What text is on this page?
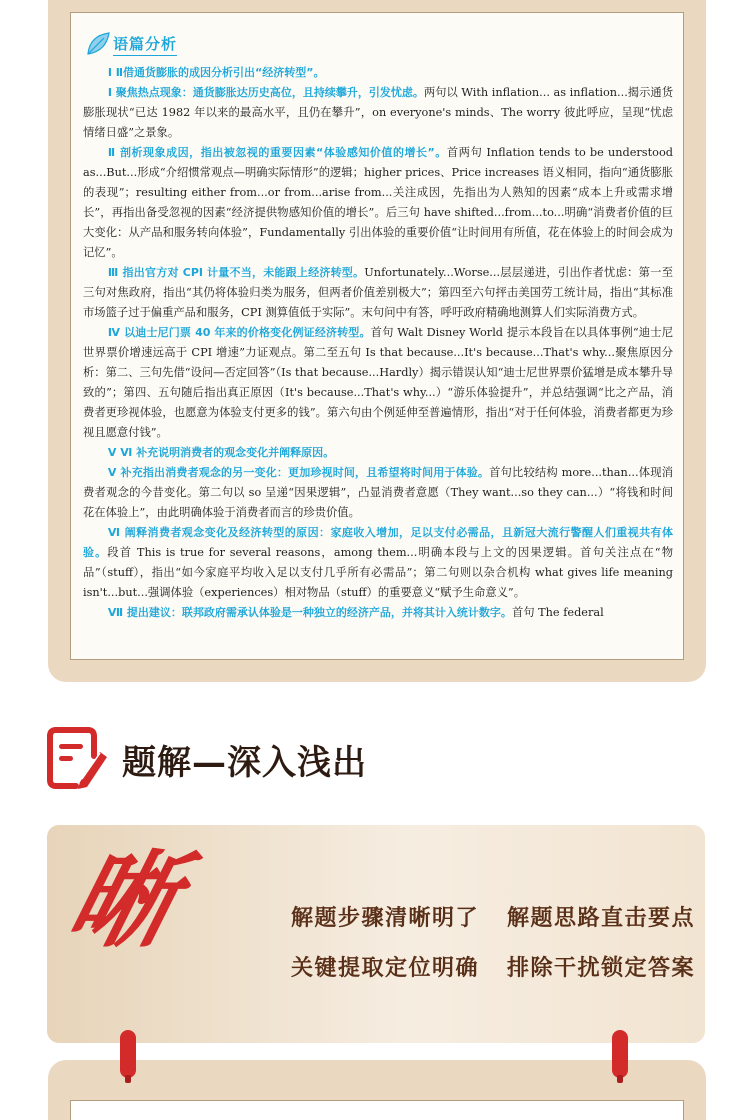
语篇分析
Ⅰ Ⅱ借通货膨胀的成因分析引出“经济转型”。
Ⅰ 聚焦热点现象：通货膨胀达历史高位，且持续攀升，引发忧虑。两句以 With inflation... as inflation...揭示通货膨胀现状“已达 1982 年以来的最高水平，且仍在攀升”，on everyone's minds、The worry 彼此呼应，呈现“忧虑情绪日盛”之景象。
Ⅱ 剖析现象成因，指出被忽视的重要因素“体验感知价值的增长”。首两句 Inflation tends to be understood as...But...形成“介绍惯常观点—明确实际情形”的逻辑；higher prices、Price increases 语义相同，指向“通货膨胀的表现”；resulting either from...or from...arise from...关注成因，先指出为人熟知的因素“成本上升或需求增长”，再指出备受忽视的因素“经济提供物感知价值的增长”。后三句 have shifted...from...to...明确“消费者价值的巨大变化：从产品和服务转向体验”，Fundamentally 引出体验的重要价值“让时间用有所值，花在体验上的时间会成为记忆”。
Ⅲ 指出官方对 CPI 计量不当，未能跟上经济转型。Unfortunately...Worse...层层递进，引出作者忧虑：第一至三句对焦政府，指出“其仍将体验归类为服务，但两者价值差别极大”；第四至六句抨击美国劳工统计局，指出“其标准市场篮子过于偏重产品和服务，CPI 测算值低于实际”。末句问中有答，呼吁政府精确地测算人们实际消费方式。
Ⅳ 以迪士尼门票 40 年来的价格变化例证经济转型。首句 Walt Disney World 提示本段旨在以具体事例“迪士尼世界票价增速远高于 CPI 增速”力证观点。第二至五句 Is that because...It's because...That's why...聚焦原因分析：第二、三句先借“设问—否定回答”（Is that because...Hardly）揭示错误认知“迪士尼世界票价猛增是成本攀升导致的”；第四、五句随后指出真正原因（It's because...That's why...）“游乐体验提升”，并总结强调“比之产品，消费者更珍视体验，也愿意为体验支付更多的钱”。第六句由个例延伸至普遍情形，指出“对于任何体验，消费者都更为珍视且愿意付钱”。
Ⅴ Ⅵ 补充说明消费者的观念变化并阐释原因。
Ⅴ 补充指出消费者观念的另一变化：更加珍视时间，且希望将时间用于体验。首句比较结构 more...than...体现消费者观念的今昔变化。第二句以 so 呈递“因果逻辑”，凸显消费者意愿（They want...so they can...）“将钱和时间花在体验上”，由此明确体验于消费者而言的珍贵价值。
Ⅵ 阐释消费者观念变化及经济转型的原因：家庭收入增加，足以支付必需品，且新冠大流行警醒人们重视共有体验。段首 This is true for several reasons，among them...明确本段与上文的因果逻辑。首句关注点在“物品”（stuff），指出“如今家庭平均收入足以支付几乎所有必需品”；第二句则以杂合机构 what gives life meaning isn't...but...强调体验（experiences）相对物品（stuff）的重要意义“赋予生命意义”。
Ⅶ 提出建议：联邦政府需承认体验是一种独立的经济产品，并将其计入统计数字。首句 The federal
题解—深入浅出
晰	解题步骤清晰明了 解题思路直击要点
关键提取定位明确 排除干扰锁定答案
